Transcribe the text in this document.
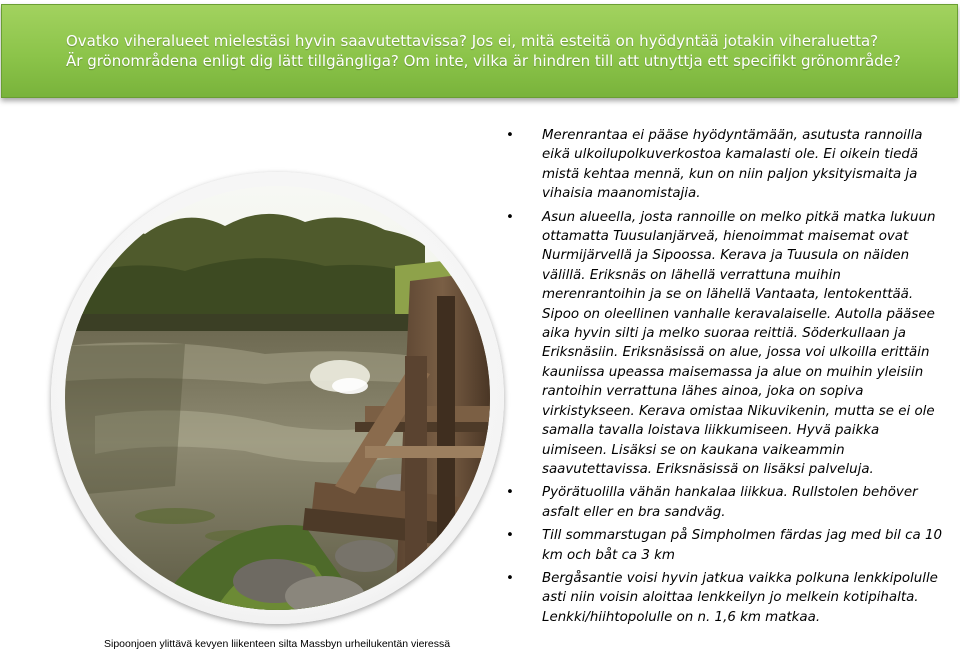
Ovatko viheralueet mielestäsi hyvin saavutettavissa? Jos ei, mitä esteitä on hyödyntää jotakin viheraluetta?
Är grönområdena enligt dig lätt tillgängliga? Om inte, vilka är hindren till att utnyttja ett specifikt grönområde?
Sipoonjoen ylittävä kevyen liikenteen silta Massbyn urheilukentän vieressä
• Merenrantaa ei pääse hyödyntämään, asutusta rannoilla eikä ulkoilupolkuverkostoa kamalasti ole. Ei oikein tiedä mistä kehtaa mennä, kun on niin paljon yksityismaita ja vihaisia maanomistajia.
• Asun alueella, josta rannoille on melko pitkä matka lukuun ottamatta Tuusulanjärveä, hienoimmat maisemat ovat Nurmijärvellä ja Sipoossa. Kerava ja Tuusula on näiden välillä. Eriksnäs on lähellä verrattuna muihin merenrantoihin ja se on lähellä Vantaata, lentokenttää. Sipoo on oleellinen vanhalle keravalaiselle. Autolla pääsee aika hyvin silti ja melko suoraa reittiä. Söderkullaan ja Eriksnäsiin. Eriksnäsissä on alue, jossa voi ulkoilla erittäin kauniissa upeassa maisemassa ja alue on muihin yleisiin rantoihin verrattuna lähes ainoa, joka on sopiva virkistykseen. Kerava omistaa Nikuvikenin, mutta se ei ole samalla tavalla loistava liikkumiseen. Hyvä paikka uimiseen. Lisäksi se on kaukana vaikeammin saavutettavissa. Eriksnäsissä on lisäksi palveluja.
• Pyörätuolilla vähän hankalaa liikkua. Rullstolen behöver asfalt eller en bra sandväg.
• Till sommarstugan på Simpholmen färdas jag med bil ca 10 km och båt ca 3 km
• Bergåsantie voisi hyvin jatkua vaikka polkuna lenkkipolulle asti niin voisin aloittaa lenkkeilyn jo melkein kotipihalta. Lenkki/hiihtopolulle on n. 1,6 km matkaa.
